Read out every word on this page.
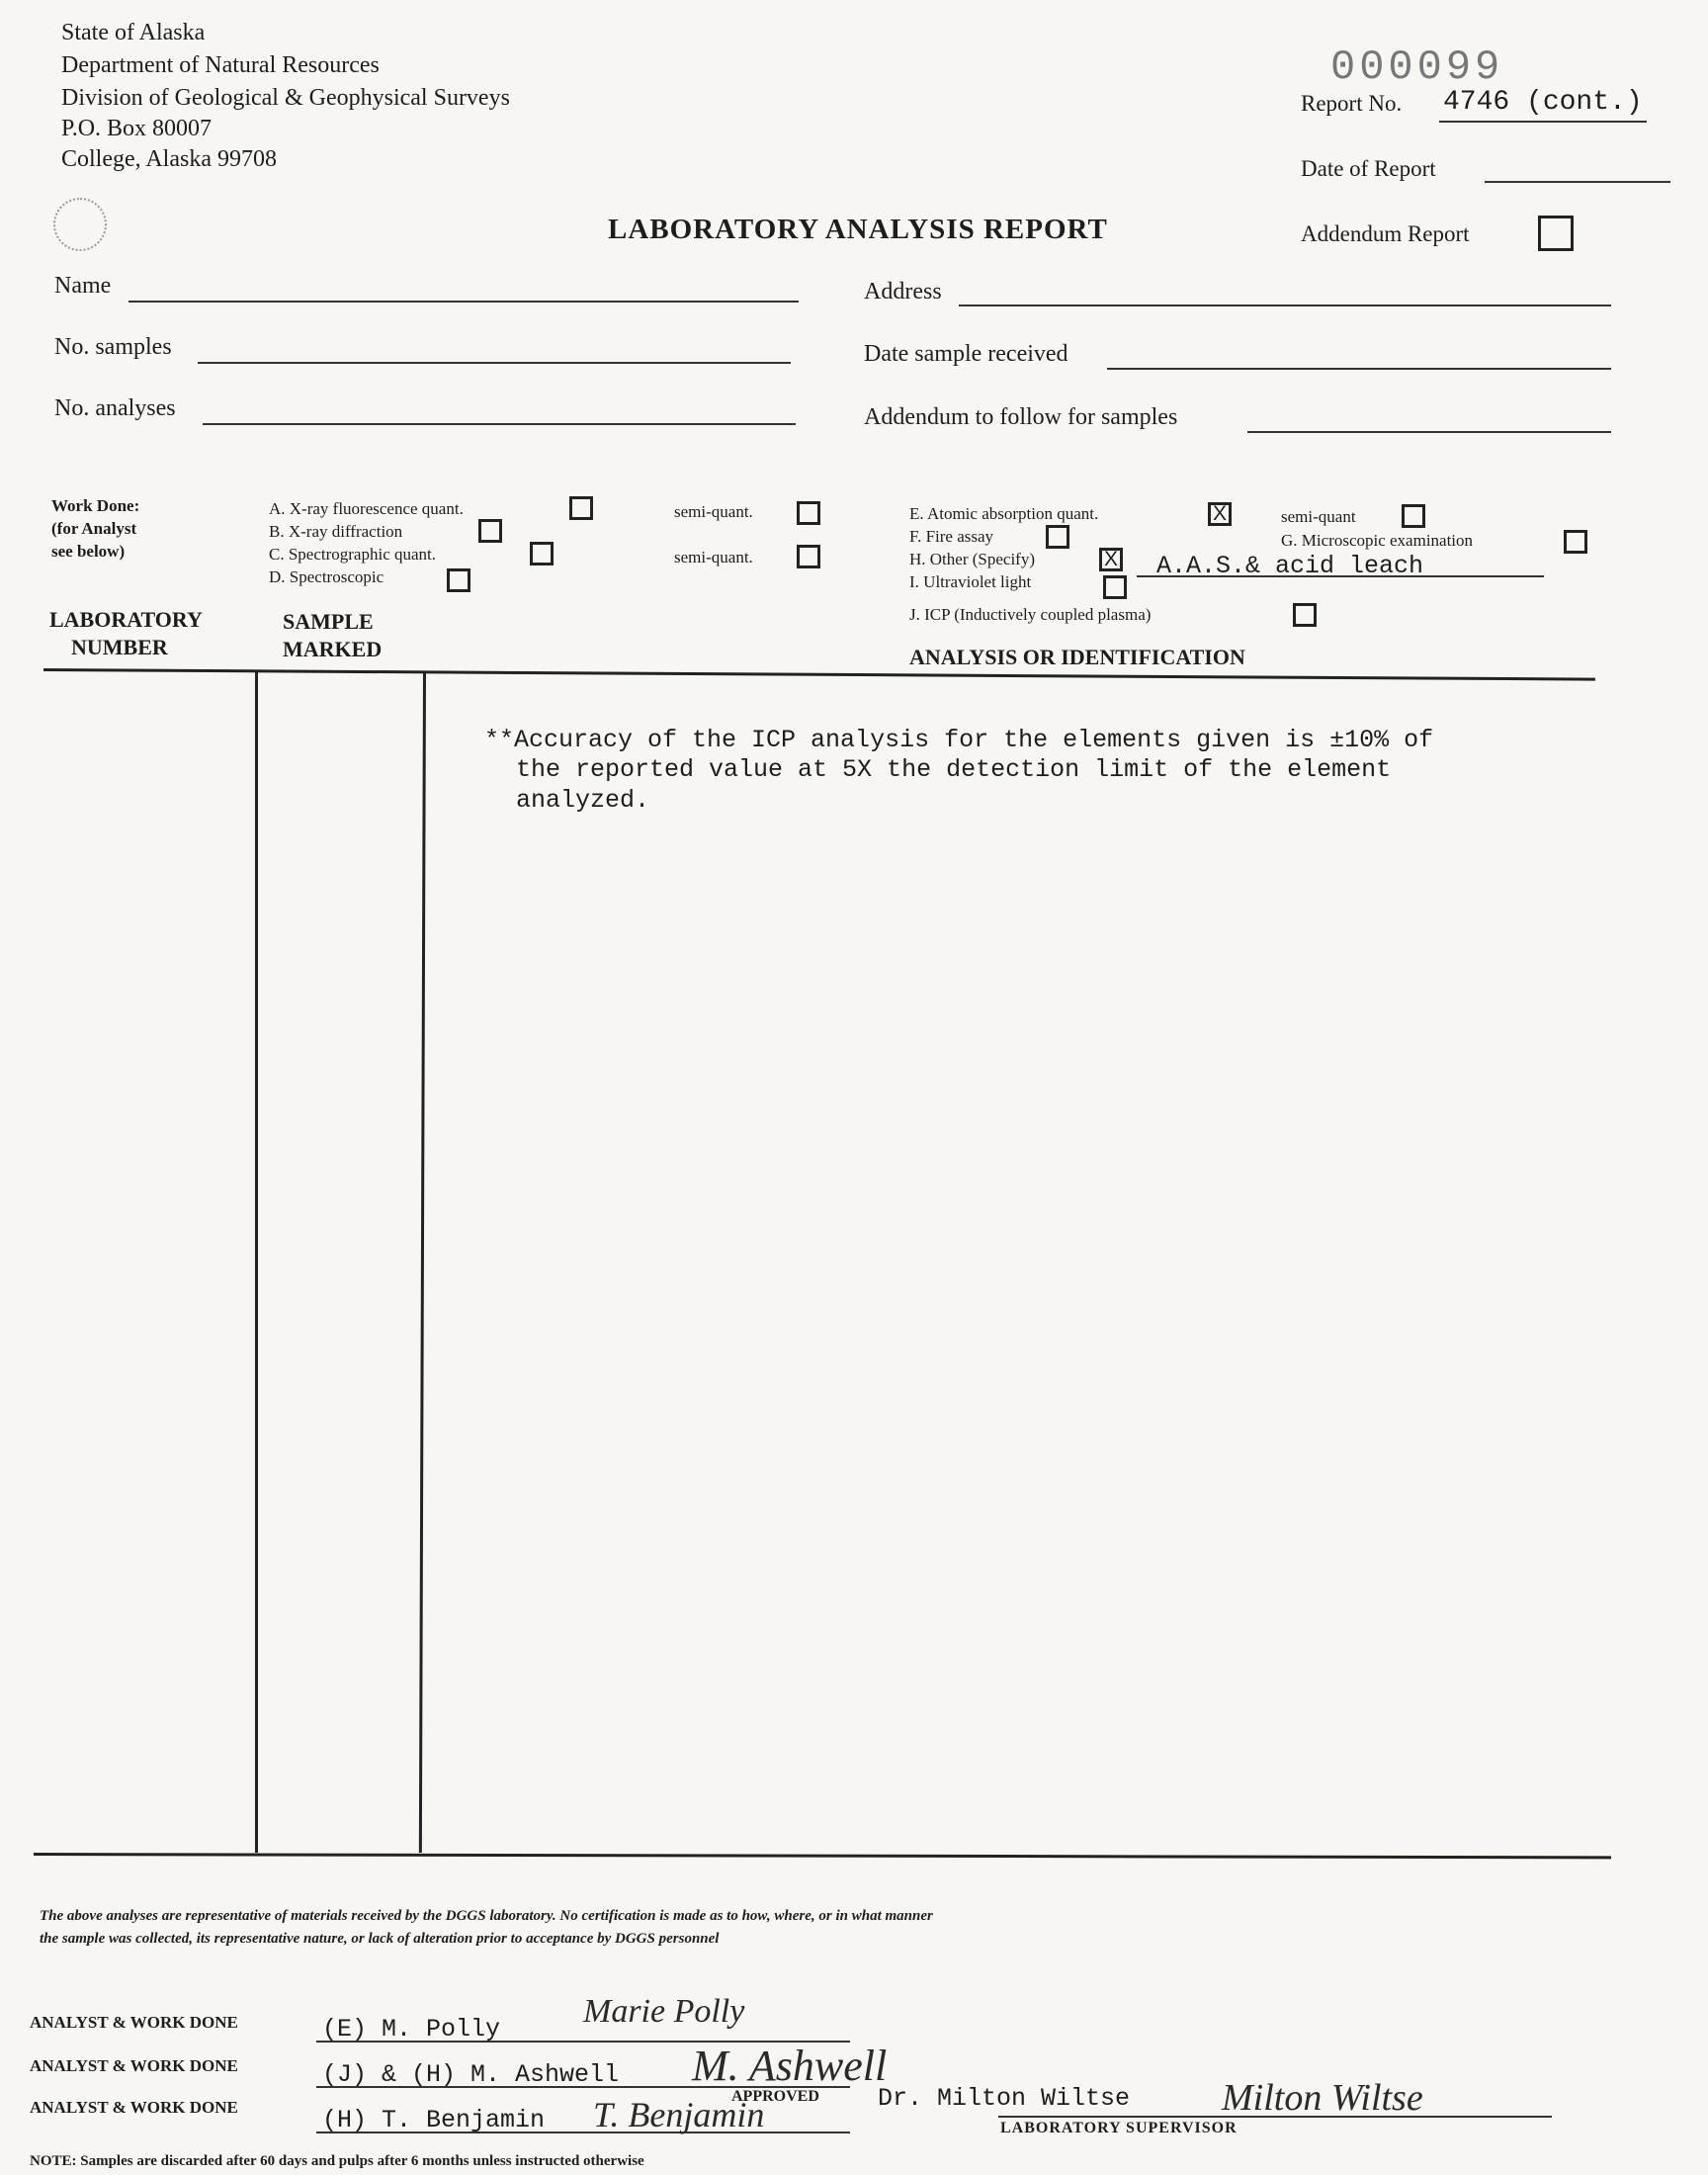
State of Alaska
Department of Natural Resources
Division of Geological & Geophysical Surveys
P.O. Box 80007
College, Alaska 99708
000099
Report No. 4746 (cont.)
Date of Report
Addendum Report
LABORATORY ANALYSIS REPORT
Name	Address
No. samples	Date sample received
No. analyses	Addendum to follow for samples
Work Done:
(for Analyst
see below)
A. X-ray fluorescence quant.	semi-quant.
B. X-ray diffraction
C. Spectrographic quant.	semi-quant.
D. Spectroscopic
E. Atomic absorption quant. X	semi-quant
F. Fire assay	G. Microscopic examination
H. Other (Specify) X	A.A.S.& acid leach
I. Ultraviolet light
J. ICP (Inductively coupled plasma)
LABORATORY
NUMBER
SAMPLE
MARKED	ANALYSIS OR IDENTIFICATION
**Accuracy of the ICP analysis for the elements given is ±10% of
the reported value at 5X the detection limit of the element
analyzed.
The above analyses are representative of materials received by the DGGS laboratory. No certification is made as to how, where, or in what manner
the sample was collected, its representative nature, or lack of alteration prior to acceptance by DGGS personnel
ANALYST & WORK DONE	(E) M. Polly Marie Polly
ANALYST & WORK DONE	(J) & (H) M. Ashwell M. Ashwell
ANALYST & WORK DONE	(H) T. Benjamin T. Benjamin
APPROVED Dr. Milton Wiltse Milton Wiltse
LABORATORY SUPERVISOR
NOTE: Samples are discarded after 60 days and pulps after 6 months unless instructed otherwise
